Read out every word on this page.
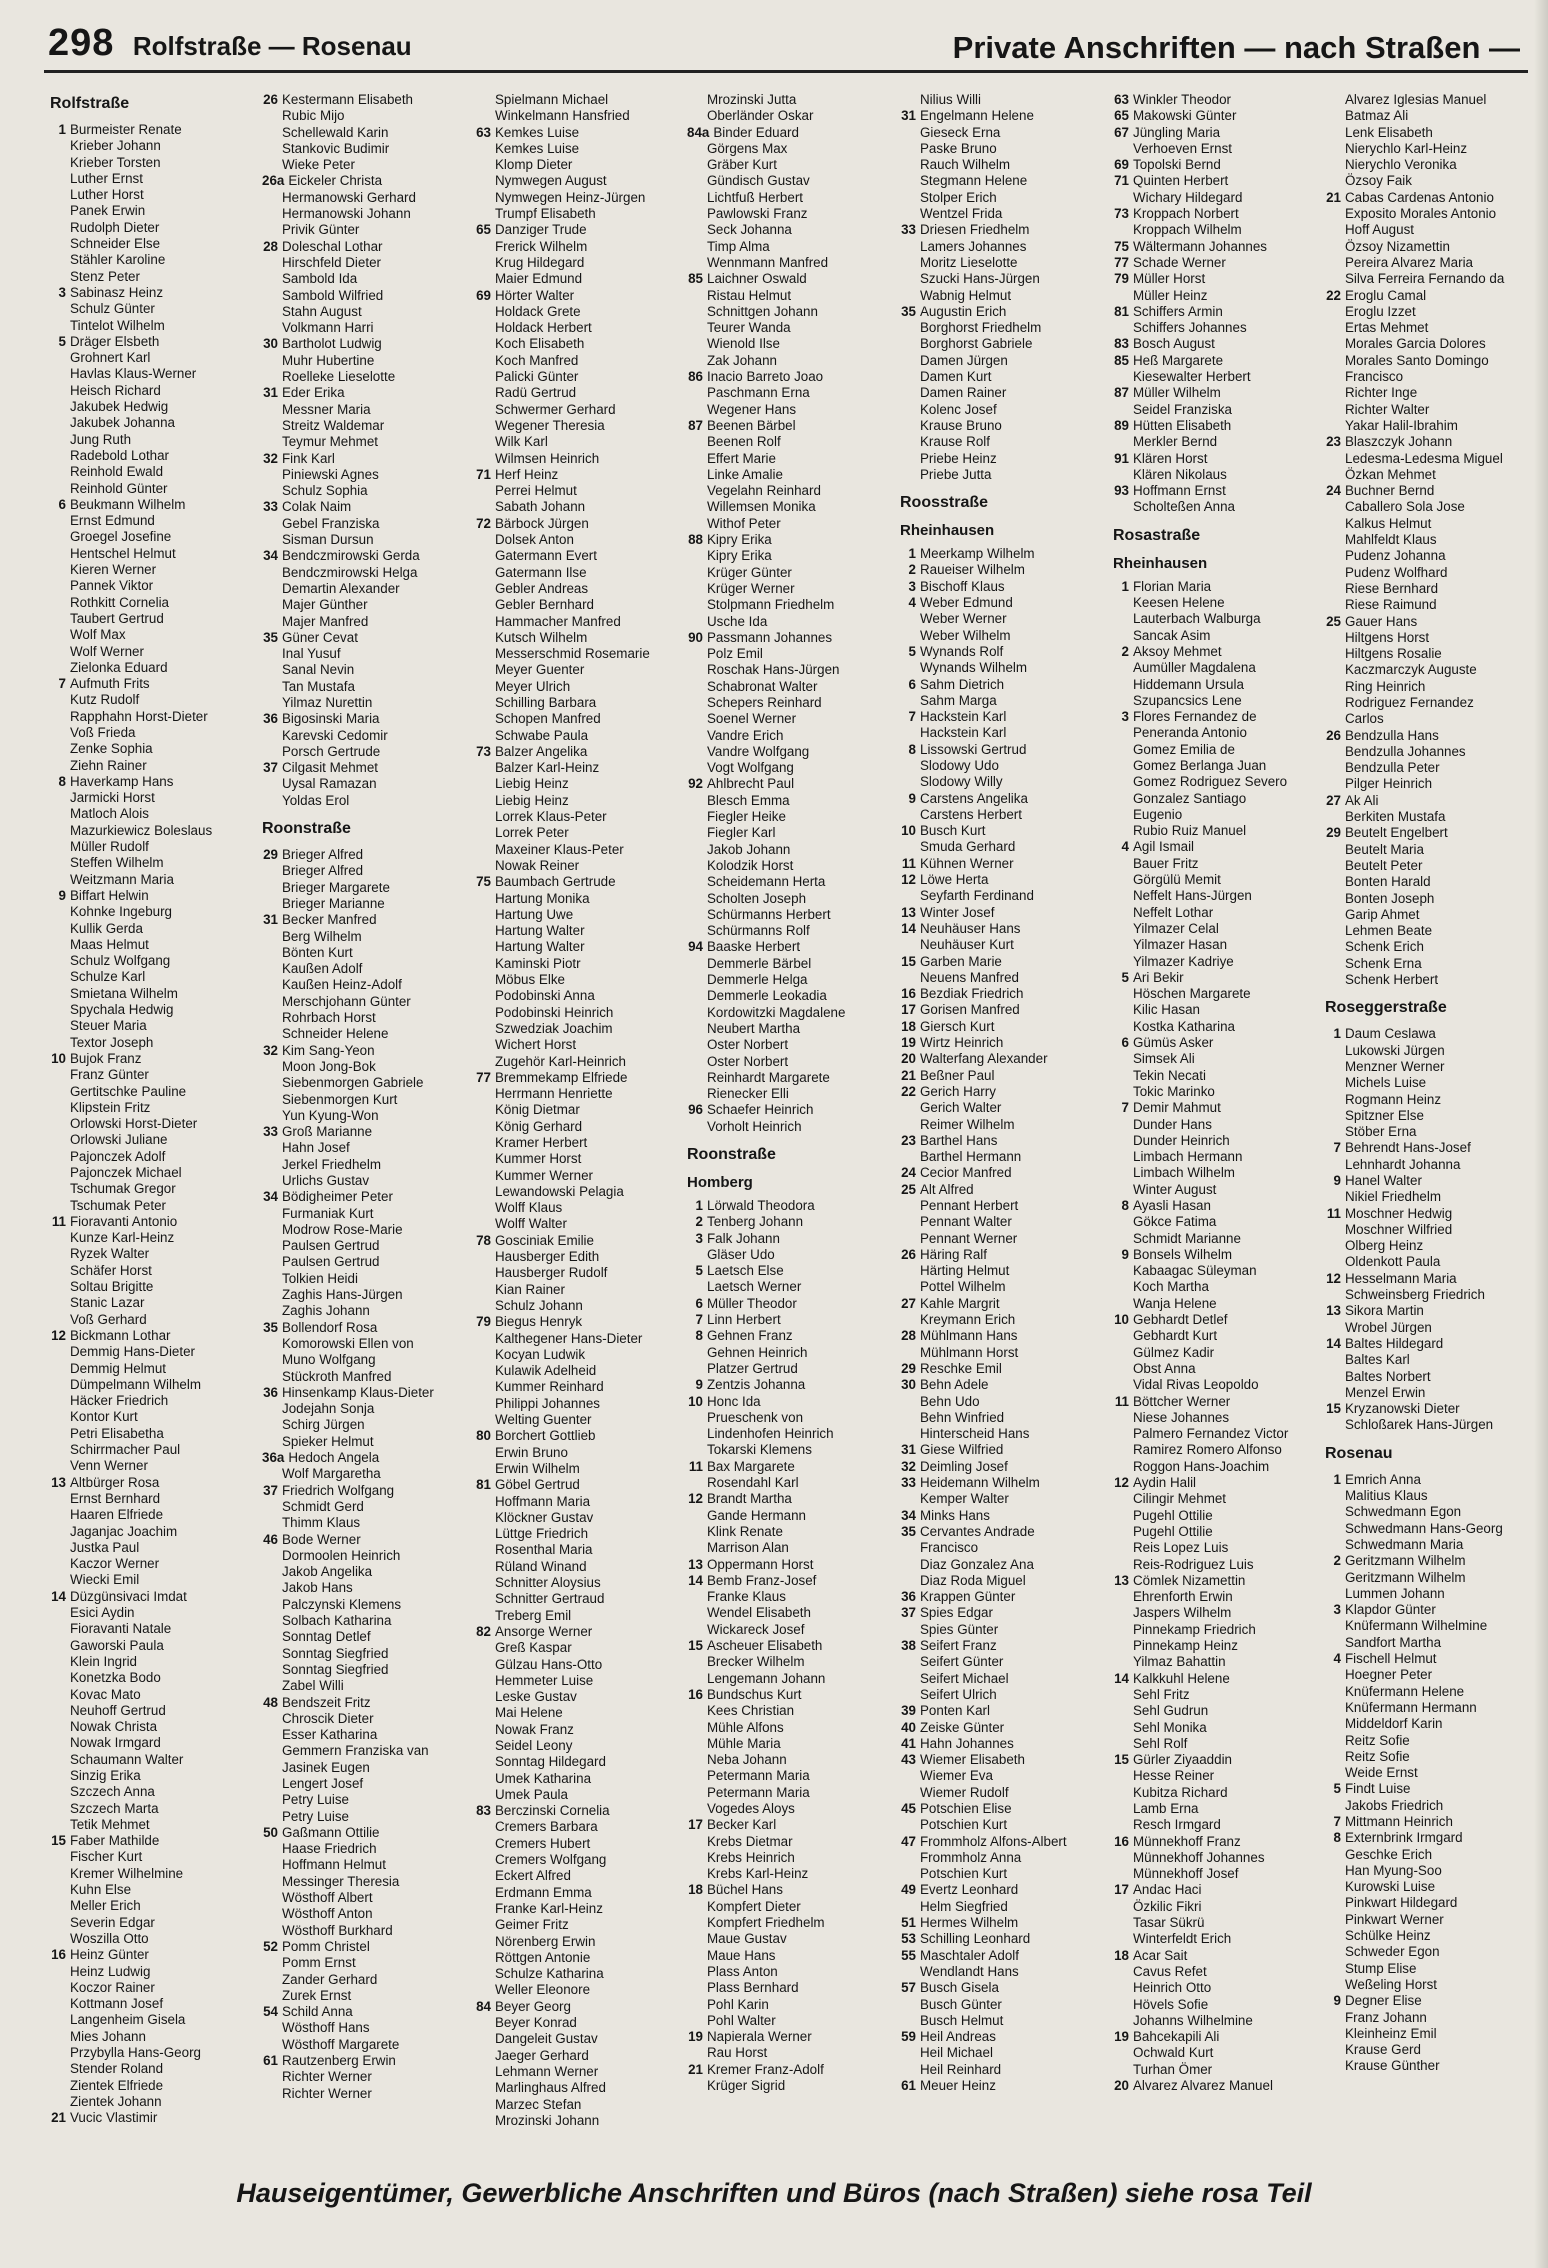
298 Rolfstraße — Rosenau	Private Anschriften — nach Straßen —
Rolfstraße
1 Burmeister Renate
Krieber Johann
Krieber Torsten
Luther Ernst
Luther Horst
Panek Erwin
Rudolph Dieter
Schneider Else
Stähler Karoline
Stenz Peter
3 Sabinasz Heinz
Schulz Günter
Tintelot Wilhelm
5 Dräger Elsbeth
Grohnert Karl
Havlas Klaus-Werner
Heisch Richard
Jakubek Hedwig
Jakubek Johanna
Jung Ruth
Radebold Lothar
Reinhold Ewald
Reinhold Günter
6 Beukmann Wilhelm
Ernst Edmund
Groegel Josefine
Hentschel Helmut
Kieren Werner
Pannek Viktor
Rothkitt Cornelia
Taubert Gertrud
Wolf Max
Wolf Werner
Zielonka Eduard
7 Aufmuth Frits
Kutz Rudolf
Rapphahn Horst-Dieter
Voß Frieda
Zenke Sophia
Ziehn Rainer
8 Haverkamp Hans
Jarmicki Horst
Matloch Alois
Mazurkiewicz Boleslaus
Müller Rudolf
Steffen Wilhelm
Weitzmann Maria
9 Biffart Helwin
Kohnke Ingeburg
Kullik Gerda
Maas Helmut
Schulz Wolfgang
Schulze Karl
Smietana Wilhelm
Spychala Hedwig
Steuer Maria
Textor Joseph
10 Bujok Franz
Franz Günter
Gertitschke Pauline
Klipstein Fritz
Orlowski Horst-Dieter
Orlowski Juliane
Pajonczek Adolf
Pajonczek Michael
Tschumak Gregor
Tschumak Peter
11 Fioravanti Antonio
Kunze Karl-Heinz
Ryzek Walter
Schäfer Horst
Soltau Brigitte
Stanic Lazar
Voß Gerhard
12 Bickmann Lothar
Demmig Hans-Dieter
Demmig Helmut
Dümpelmann Wilhelm
Häcker Friedrich
Kontor Kurt
Petri Elisabetha
Schirrmacher Paul
Venn Werner
13 Altbürger Rosa
Ernst Bernhard
Haaren Elfriede
Jaganjac Joachim
Justka Paul
Kaczor Werner
Wiecki Emil
14 Düzgünsivaci Imdat
Esici Aydin
Fioravanti Natale
Gaworski Paula
Klein Ingrid
Konetzka Bodo
Kovac Mato
Neuhoff Gertrud
Nowak Christa
Nowak Irmgard
Schaumann Walter
Sinzig Erika
Szczech Anna
Szczech Marta
Tetik Mehmet
15 Faber Mathilde
Fischer Kurt
Kremer Wilhelmine
Kuhn Else
Meller Erich
Severin Edgar
Woszilla Otto
16 Heinz Günter
Heinz Ludwig
Koczor Rainer
Kottmann Josef
Langenheim Gisela
Mies Johann
Przybylla Hans-Georg
Stender Roland
Zientek Elfriede
Zientek Johann
21 Vucic Vlastimir
26 Kestermann Elisabeth
Rubic Mijo
Schellewald Karin
Stankovic Budimir
Wieke Peter
26a Eickeler Christa
Hermanowski Gerhard
Hermanowski Johann
Privik Günter
28 Doleschal Lothar
Hirschfeld Dieter
Sambold Ida
Sambold Wilfried
Stahn August
Volkmann Harri
30 Bartholot Ludwig
Muhr Hubertine
Roelleke Lieselotte
31 Eder Erika
Messner Maria
Streitz Waldemar
Teymur Mehmet
32 Fink Karl
Piniewski Agnes
Schulz Sophia
33 Colak Naim
Gebel Franziska
Sisman Dursun
34 Bendczmirowski Gerda
Bendczmirowski Helga
Demartin Alexander
Majer Günther
Majer Manfred
35 Güner Cevat
Inal Yusuf
Sanal Nevin
Tan Mustafa
Yilmaz Nurettin
36 Bigosinski Maria
Karevski Cedomir
Porsch Gertrude
37 Cilgasit Mehmet
Uysal Ramazan
Yoldas Erol
Roonstraße
29 Brieger Alfred
Brieger Alfred
Brieger Margarete
Brieger Marianne
31 Becker Manfred
Berg Wilhelm
Bönten Kurt
Kaußen Adolf
Kaußen Heinz-Adolf
Merschjohann Günter
Rohrbach Horst
Schneider Helene
32 Kim Sang-Yeon
Moon Jong-Bok
Siebenmorgen Gabriele
Siebenmorgen Kurt
Yun Kyung-Won
33 Groß Marianne
Hahn Josef
Jerkel Friedhelm
Urlichs Gustav
34 Bödigheimer Peter
Furmaniak Kurt
Modrow Rose-Marie
Paulsen Gertrud
Paulsen Gertrud
Tolkien Heidi
Zaghis Hans-Jürgen
Zaghis Johann
35 Bollendorf Rosa
Komorowski Ellen von
Muno Wolfgang
Stückroth Manfred
36 Hinsenkamp Klaus-Dieter
Jodejahn Sonja
Schirg Jürgen
Spieker Helmut
36a Hedoch Angela
Wolf Margaretha
37 Friedrich Wolfgang
Schmidt Gerd
Thimm Klaus
46 Bode Werner
Dormoolen Heinrich
Jakob Angelika
Jakob Hans
Palczynski Klemens
Solbach Katharina
Sonntag Detlef
Sonntag Siegfried
Sonntag Siegfried
Zabel Willi
48 Bendszeit Fritz
Chroscik Dieter
Esser Katharina
Gemmern Franziska van
Jasinek Eugen
Lengert Josef
Petry Luise
Petry Luise
50 Gaßmann Ottilie
Haase Friedrich
Hoffmann Helmut
Messinger Theresia
Wösthoff Albert
Wösthoff Anton
Wösthoff Burkhard
52 Pomm Christel
Pomm Ernst
Zander Gerhard
Zurek Ernst
54 Schild Anna
Wösthoff Hans
Wösthoff Margarete
61 Rautzenberg Erwin
Richter Werner
Richter Werner
Spielmann Michael
Winkelmann Hansfried
63 Kemkes Luise
Kemkes Luise
Klomp Dieter
Nymwegen August
Nymwegen Heinz-Jürgen
Trumpf Elisabeth
65 Danziger Trude
Frerick Wilhelm
Krug Hildegard
Maier Edmund
69 Hörter Walter
Holdack Grete
Holdack Herbert
Koch Elisabeth
Koch Manfred
Palicki Günter
Radü Gertrud
Schwermer Gerhard
Wegener Theresia
Wilk Karl
Wilmsen Heinrich
71 Herf Heinz
Perrei Helmut
Sabath Johann
72 Bärbock Jürgen
Dolsek Anton
Gatermann Evert
Gatermann Ilse
Gebler Andreas
Gebler Bernhard
Hammacher Manfred
Kutsch Wilhelm
Messerschmid Rosemarie
Meyer Guenter
Meyer Ulrich
Schilling Barbara
Schopen Manfred
Schwabe Paula
73 Balzer Angelika
Balzer Karl-Heinz
Liebig Heinz
Liebig Heinz
Lorrek Klaus-Peter
Lorrek Peter
Maxeiner Klaus-Peter
Nowak Reiner
75 Baumbach Gertrude
Hartung Monika
Hartung Uwe
Hartung Walter
Hartung Walter
Kaminski Piotr
Möbus Elke
Podobinski Anna
Podobinski Heinrich
Szwedziak Joachim
Wichert Horst
Zugehör Karl-Heinrich
77 Bremmekamp Elfriede
Herrmann Henriette
König Dietmar
König Gerhard
Kramer Herbert
Kummer Horst
Kummer Werner
Lewandowski Pelagia
Wolff Klaus
Wolff Walter
78 Gosciniak Emilie
Hausberger Edith
Hausberger Rudolf
Kian Rainer
Schulz Johann
79 Biegus Henryk
Kalthegener Hans-Dieter
Kocyan Ludwik
Kulawik Adelheid
Kummer Reinhard
Philippi Johannes
Welting Guenter
80 Borchert Gottlieb
Erwin Bruno
Erwin Wilhelm
81 Göbel Gertrud
Hoffmann Maria
Klöckner Gustav
Lüttge Friedrich
Rosenthal Maria
Rüland Winand
Schnitter Aloysius
Schnitter Gertraud
Treberg Emil
82 Ansorge Werner
Greß Kaspar
Gülzau Hans-Otto
Hemmeter Luise
Leske Gustav
Mai Helene
Nowak Franz
Seidel Leony
Sonntag Hildegard
Umek Katharina
Umek Paula
83 Berczinski Cornelia
Cremers Barbara
Cremers Hubert
Cremers Wolfgang
Eckert Alfred
Erdmann Emma
Franke Karl-Heinz
Geimer Fritz
Nörenberg Erwin
Röttgen Antonie
Schulze Katharina
Weller Eleonore
84 Beyer Georg
Beyer Konrad
Dangeleit Gustav
Jaeger Gerhard
Lehmann Werner
Marlinghaus Alfred
Marzec Stefan
Mrozinski Johann
Mrozinski Jutta
Oberländer Oskar
84a Binder Eduard
Görgens Max
Gräber Kurt
Gündisch Gustav
Lichtfuß Herbert
Pawlowski Franz
Seck Johanna
Timp Alma
Wennmann Manfred
85 Laichner Oswald
Ristau Helmut
Schnittgen Johann
Teurer Wanda
Wienold Ilse
Zak Johann
86 Inacio Barreto Joao
Paschmann Erna
Wegener Hans
87 Beenen Bärbel
Beenen Rolf
Effert Marie
Linke Amalie
Vegelahn Reinhard
Willemsen Monika
Withof Peter
88 Kipry Erika
Kipry Erika
Krüger Günter
Krüger Werner
Stolpmann Friedhelm
Usche Ida
90 Passmann Johannes
Polz Emil
Roschak Hans-Jürgen
Schabronat Walter
Schepers Reinhard
Soenel Werner
Vandre Erich
Vandre Wolfgang
Vogt Wolfgang
92 Ahlbrecht Paul
Blesch Emma
Fiegler Heike
Fiegler Karl
Jakob Johann
Kolodzik Horst
Scheidemann Herta
Scholten Joseph
Schürmanns Herbert
Schürmanns Rolf
94 Baaske Herbert
Demmerle Bärbel
Demmerle Helga
Demmerle Leokadia
Kordowitzki Magdalene
Neubert Martha
Oster Norbert
Oster Norbert
Reinhardt Margarete
Rienecker Elli
96 Schaefer Heinrich
Vorholt Heinrich
Roonstraße
Homberg
1 Lörwald Theodora
2 Tenberg Johann
3 Falk Johann
Gläser Udo
5 Laetsch Else
Laetsch Werner
6 Müller Theodor
7 Linn Herbert
8 Gehnen Franz
Gehnen Heinrich
Platzer Gertrud
9 Zentzis Johanna
10 Honc Ida
Prueschenk von
Lindenhofen Heinrich
Tokarski Klemens
11 Bax Margarete
Rosendahl Karl
12 Brandt Martha
Gande Hermann
Klink Renate
Marrison Alan
13 Oppermann Horst
14 Bemb Franz-Josef
Franke Klaus
Wendel Elisabeth
Wickareck Josef
15 Ascheuer Elisabeth
Brecker Wilhelm
Lengemann Johann
16 Bundschus Kurt
Kees Christian
Mühle Alfons
Mühle Maria
Neba Johann
Petermann Maria
Petermann Maria
Vogedes Aloys
17 Becker Karl
Krebs Dietmar
Krebs Heinrich
Krebs Karl-Heinz
18 Büchel Hans
Kompfert Dieter
Kompfert Friedhelm
Maue Gustav
Maue Hans
Plass Anton
Plass Bernhard
Pohl Karin
Pohl Walter
19 Napierala Werner
Rau Horst
21 Kremer Franz-Adolf
Krüger Sigrid
Nilius Willi
31 Engelmann Helene
Gieseck Erna
Paske Bruno
Rauch Wilhelm
Stegmann Helene
Stolper Erich
Wentzel Frida
33 Driesen Friedhelm
Lamers Johannes
Moritz Lieselotte
Szucki Hans-Jürgen
Wabnig Helmut
35 Augustin Erich
Borghorst Friedhelm
Borghorst Gabriele
Damen Jürgen
Damen Kurt
Damen Rainer
Kolenc Josef
Krause Bruno
Krause Rolf
Priebe Heinz
Priebe Jutta
Roosstraße
Rheinhausen
1 Meerkamp Wilhelm
2 Raueiser Wilhelm
3 Bischoff Klaus
4 Weber Edmund
Weber Werner
Weber Wilhelm
5 Wynands Rolf
Wynands Wilhelm
6 Sahm Dietrich
Sahm Marga
7 Hackstein Karl
Hackstein Karl
8 Lissowski Gertrud
Slodowy Udo
Slodowy Willy
9 Carstens Angelika
Carstens Herbert
10 Busch Kurt
Smuda Gerhard
11 Kühnen Werner
12 Löwe Herta
Seyfarth Ferdinand
13 Winter Josef
14 Neuhäuser Hans
Neuhäuser Kurt
15 Garben Marie
Neuens Manfred
16 Bezdiak Friedrich
17 Gorisen Manfred
18 Giersch Kurt
19 Wirtz Heinrich
20 Walterfang Alexander
21 Beßner Paul
22 Gerich Harry
Gerich Walter
Reimer Wilhelm
23 Barthel Hans
Barthel Hermann
24 Cecior Manfred
25 Alt Alfred
Pennant Herbert
Pennant Walter
Pennant Werner
26 Häring Ralf
Härting Helmut
Pottel Wilhelm
27 Kahle Margrit
Kreymann Erich
28 Mühlmann Hans
Mühlmann Horst
29 Reschke Emil
30 Behn Adele
Behn Udo
Behn Winfried
Hinterscheid Hans
31 Giese Wilfried
32 Deimling Josef
33 Heidemann Wilhelm
Kemper Walter
34 Minks Hans
35 Cervantes Andrade
Francisco
Diaz Gonzalez Ana
Diaz Roda Miguel
36 Krappen Günter
37 Spies Edgar
Spies Günter
38 Seifert Franz
Seifert Günter
Seifert Michael
Seifert Ulrich
39 Ponten Karl
40 Zeiske Günter
41 Hahn Johannes
43 Wiemer Elisabeth
Wiemer Eva
Wiemer Rudolf
45 Potschien Elise
Potschien Kurt
47 Frommholz Alfons-Albert
Frommholz Anna
Potschien Kurt
49 Evertz Leonhard
Helm Siegfried
51 Hermes Wilhelm
53 Schilling Leonhard
55 Maschtaler Adolf
Wendlandt Hans
57 Busch Gisela
Busch Günter
Busch Helmut
59 Heil Andreas
Heil Michael
Heil Reinhard
61 Meuer Heinz
63 Winkler Theodor
65 Makowski Günter
67 Jüngling Maria
Verhoeven Ernst
69 Topolski Bernd
71 Quinten Herbert
Wichary Hildegard
73 Kroppach Norbert
Kroppach Wilhelm
75 Wältermann Johannes
77 Schade Werner
79 Müller Horst
Müller Heinz
81 Schiffers Armin
Schiffers Johannes
83 Bosch August
85 Heß Margarete
Kiesewalter Herbert
87 Müller Wilhelm
Seidel Franziska
89 Hütten Elisabeth
Merkler Bernd
91 Klären Horst
Klären Nikolaus
93 Hoffmann Ernst
Scholteßen Anna
Rosastraße
Rheinhausen
1 Florian Maria
Keesen Helene
Lauterbach Walburga
Sancak Asim
2 Aksoy Mehmet
Aumüller Magdalena
Hiddemann Ursula
Szupancsics Lene
3 Flores Fernandez de
Peneranda Antonio
Gomez Emilia de
Gomez Berlanga Juan
Gomez Rodriguez Severo
Gonzalez Santiago
Eugenio
Rubio Ruiz Manuel
4 Agil Ismail
Bauer Fritz
Görgülü Memit
Neffelt Hans-Jürgen
Neffelt Lothar
Yilmazer Celal
Yilmazer Hasan
Yilmazer Kadriye
5 Ari Bekir
Höschen Margarete
Kilic Hasan
Kostka Katharina
6 Gümüs Asker
Simsek Ali
Tekin Necati
Tokic Marinko
7 Demir Mahmut
Dunder Hans
Dunder Heinrich
Limbach Hermann
Limbach Wilhelm
Winter August
8 Ayasli Hasan
Gökce Fatima
Schmidt Marianne
9 Bonsels Wilhelm
Kabaagac Süleyman
Koch Martha
Wanja Helene
10 Gebhardt Detlef
Gebhardt Kurt
Gülmez Kadir
Obst Anna
Vidal Rivas Leopoldo
11 Böttcher Werner
Niese Johannes
Palmero Fernandez Victor
Ramirez Romero Alfonso
Roggon Hans-Joachim
12 Aydin Halil
Cilingir Mehmet
Pugehl Ottilie
Pugehl Ottilie
Reis Lopez Luis
Reis-Rodriguez Luis
13 Cömlek Nizamettin
Ehrenforth Erwin
Jaspers Wilhelm
Pinnekamp Friedrich
Pinnekamp Heinz
Yilmaz Bahattin
14 Kalkkuhl Helene
Sehl Fritz
Sehl Gudrun
Sehl Monika
Sehl Rolf
15 Gürler Ziyaaddin
Hesse Reiner
Kubitza Richard
Lamb Erna
Resch Irmgard
16 Münnekhoff Franz
Münnekhoff Johannes
Münnekhoff Josef
17 Andac Haci
Özkilic Fikri
Tasar Sükrü
Winterfeldt Erich
18 Acar Sait
Cavus Refet
Heinrich Otto
Hövels Sofie
Johanns Wilhelmine
19 Bahcekapili Ali
Ochwald Kurt
Turhan Ömer
20 Alvarez Alvarez Manuel
Alvarez Iglesias Manuel
Batmaz Ali
Lenk Elisabeth
Nierychlo Karl-Heinz
Nierychlo Veronika
Özsoy Faik
21 Cabas Cardenas Antonio
Exposito Morales Antonio
Hoff August
Özsoy Nizamettin
Pereira Alvarez Maria
Silva Ferreira Fernando da
22 Eroglu Camal
Eroglu Izzet
Ertas Mehmet
Morales Garcia Dolores
Morales Santo Domingo
Francisco
Richter Inge
Richter Walter
Yakar Halil-Ibrahim
23 Blaszczyk Johann
Ledesma-Ledesma Miguel
Özkan Mehmet
24 Buchner Bernd
Caballero Sola Jose
Kalkus Helmut
Mahlfeldt Klaus
Pudenz Johanna
Pudenz Wolfhard
Riese Bernhard
Riese Raimund
25 Gauer Hans
Hiltgens Horst
Hiltgens Rosalie
Kaczmarczyk Auguste
Ring Heinrich
Rodriguez Fernandez
Carlos
26 Bendzulla Hans
Bendzulla Johannes
Bendzulla Peter
Pilger Heinrich
27 Ak Ali
Berkiten Mustafa
29 Beutelt Engelbert
Beutelt Maria
Beutelt Peter
Bonten Harald
Bonten Joseph
Garip Ahmet
Lehmen Beate
Schenk Erich
Schenk Erna
Schenk Herbert
Roseggerstraße
1 Daum Ceslawa
Lukowski Jürgen
Menzner Werner
Michels Luise
Rogmann Heinz
Spitzner Else
Stöber Erna
7 Behrendt Hans-Josef
Lehnhardt Johanna
9 Hanel Walter
Nikiel Friedhelm
11 Moschner Hedwig
Moschner Wilfried
Olberg Heinz
Oldenkott Paula
12 Hesselmann Maria
Schweinsberg Friedrich
13 Sikora Martin
Wrobel Jürgen
14 Baltes Hildegard
Baltes Karl
Baltes Norbert
Menzel Erwin
15 Kryzanowski Dieter
Schloßarek Hans-Jürgen
Rosenau
1 Emrich Anna
Malitius Klaus
Schwedmann Egon
Schwedmann Hans-Georg
Schwedmann Maria
2 Geritzmann Wilhelm
Geritzmann Wilhelm
Lummen Johann
3 Klapdor Günter
Knüfermann Wilhelmine
Sandfort Martha
4 Fischell Helmut
Hoegner Peter
Knüfermann Helene
Knüfermann Hermann
Middeldorf Karin
Reitz Sofie
Reitz Sofie
Weide Ernst
5 Findt Luise
Jakobs Friedrich
7 Mittmann Heinrich
8 Externbrink Irmgard
Geschke Erich
Han Myung-Soo
Kurowski Luise
Pinkwart Hildegard
Pinkwart Werner
Schülke Heinz
Schweder Egon
Stump Elise
Weßeling Horst
9 Degner Elise
Franz Johann
Kleinheinz Emil
Krause Gerd
Krause Günther
Hauseigentümer, Gewerbliche Anschriften und Büros (nach Straßen) siehe rosa Teil
